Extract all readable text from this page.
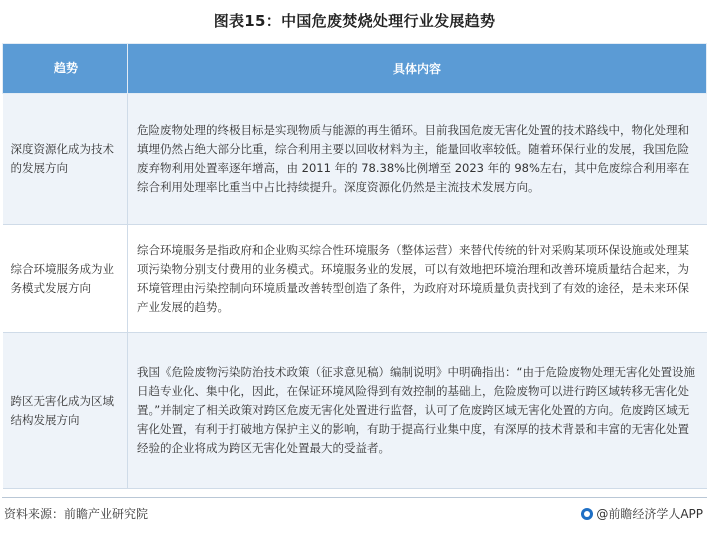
图表15：中国危废焚烧处理行业发展趋势
趋势	具体内容
深度资源化成为技术的发展方向	危险废物处理的终极目标是实现物质与能源的再生循环。目前我国危废无害化处置的技术路线中，物化处理和填埋仍然占绝大部分比重，综合利用主要以回收材料为主，能量回收率较低。随着环保行业的发展，我国危险废弃物利用处置率逐年增高，由 2011 年的 78.38%比例增至 2023 年的 98%左右，其中危废综合利用率在综合利用处理率比重当中占比持续提升。深度资源化仍然是主流技术发展方向。
综合环境服务成为业务模式发展方向	综合环境服务是指政府和企业购买综合性环境服务（整体运营）来替代传统的针对采购某项环保设施或处理某项污染物分别支付费用的业务模式。环境服务业的发展，可以有效地把环境治理和改善环境质量结合起来，为环境管理由污染控制向环境质量改善转型创造了条件，为政府对环境质量负责找到了有效的途径，是未来环保产业发展的趋势。
跨区无害化成为区域结构发展方向	我国《危险废物污染防治技术政策（征求意见稿）编制说明》中明确指出：“由于危险废物处理无害化处置设施日趋专业化、集中化，因此，在保证环境风险得到有效控制的基础上，危险废物可以进行跨区域转移无害化处置。”并制定了相关政策对跨区危废无害化处置进行监督，认可了危废跨区域无害化处置的方向。危废跨区域无害化处置，有利于打破地方保护主义的影响，有助于提高行业集中度，有深厚的技术背景和丰富的无害化处置经验的企业将成为跨区无害化处置最大的受益者。
资料来源：前瞻产业研究院	@前瞻经济学人APP
